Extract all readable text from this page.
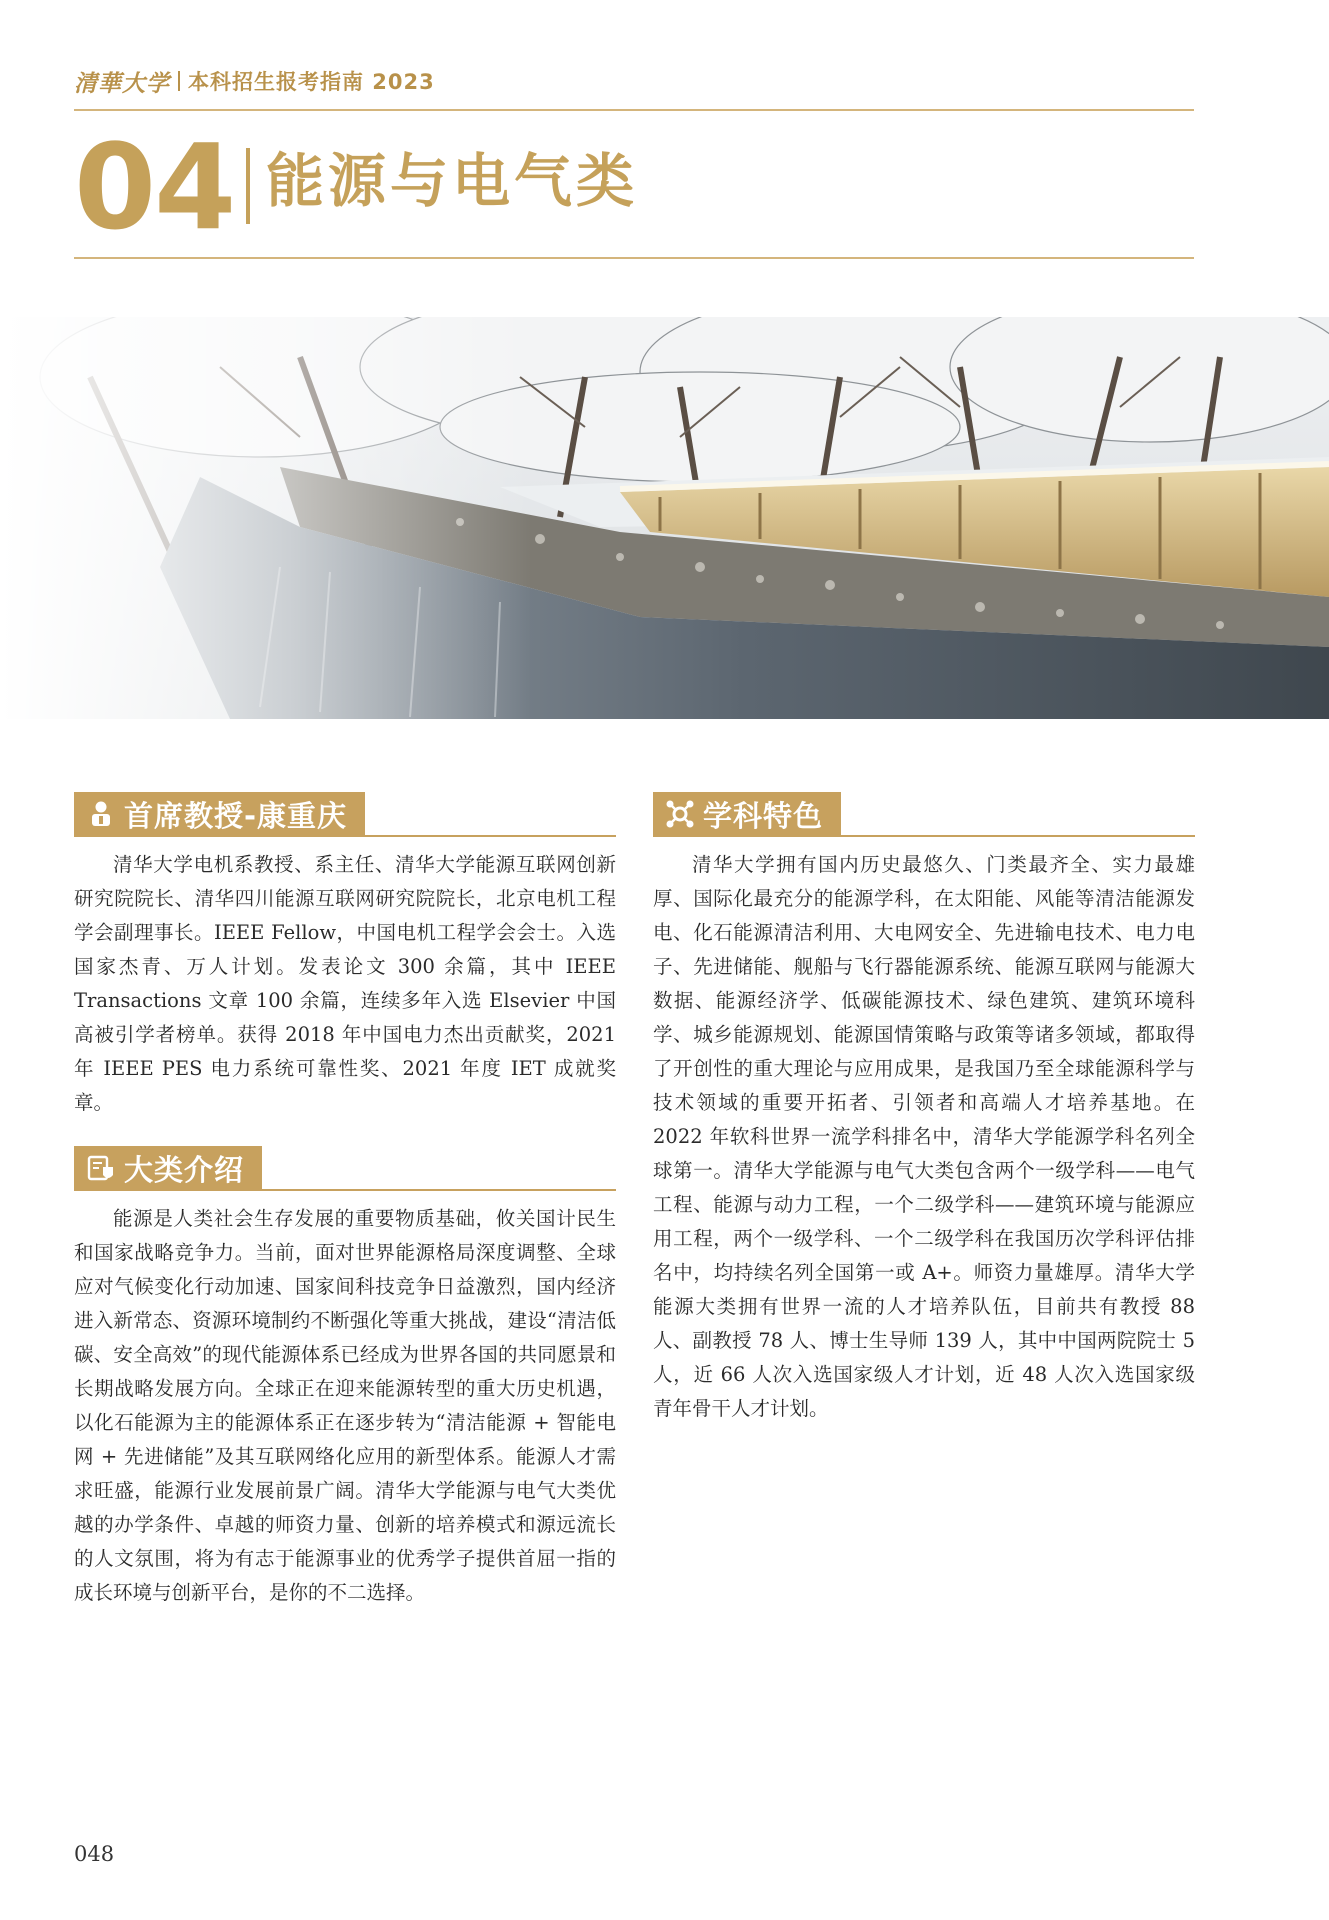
清華大学 本科招生报考指南 2023
04 能源与电气类
首席教授-康重庆

清华大学电机系教授、系主任、清华大学能源互联网创新研究院院长、清华四川能源互联网研究院院长，北京电机工程学会副理事长。IEEE Fellow，中国电机工程学会会士。入选国家杰青、万人计划。发表论文 300 余篇，其中 IEEE Transactions 文章 100 余篇，连续多年入选 Elsevier 中国高被引学者榜单。获得 2018 年中国电力杰出贡献奖，2021 年 IEEE PES 电力系统可靠性奖、2021 年度 IET 成就奖章。

大类介绍

能源是人类社会生存发展的重要物质基础，攸关国计民生和国家战略竞争力。当前，面对世界能源格局深度调整、全球应对气候变化行动加速、国家间科技竞争日益激烈，国内经济进入新常态、资源环境制约不断强化等重大挑战，建设“清洁低碳、安全高效”的现代能源体系已经成为世界各国的共同愿景和长期战略发展方向。全球正在迎来能源转型的重大历史机遇，以化石能源为主的能源体系正在逐步转为“清洁能源 + 智能电网 + 先进储能”及其互联网络化应用的新型体系。能源人才需求旺盛，能源行业发展前景广阔。清华大学能源与电气大类优越的办学条件、卓越的师资力量、创新的培养模式和源远流长的人文氛围，将为有志于能源事业的优秀学子提供首屈一指的成长环境与创新平台，是你的不二选择。

学科特色

清华大学拥有国内历史最悠久、门类最齐全、实力最雄厚、国际化最充分的能源学科，在太阳能、风能等清洁能源发电、化石能源清洁利用、大电网安全、先进输电技术、电力电子、先进储能、舰船与飞行器能源系统、能源互联网与能源大数据、能源经济学、低碳能源技术、绿色建筑、建筑环境科学、城乡能源规划、能源国情策略与政策等诸多领域，都取得了开创性的重大理论与应用成果，是我国乃至全球能源科学与技术领域的重要开拓者、引领者和高端人才培养基地。在 2022 年软科世界一流学科排名中，清华大学能源学科名列全球第一。清华大学能源与电气大类包含两个一级学科——电气工程、能源与动力工程，一个二级学科——建筑环境与能源应用工程，两个一级学科、一个二级学科在我国历次学科评估排名中，均持续名列全国第一或 A+。师资力量雄厚。清华大学能源大类拥有世界一流的人才培养队伍，目前共有教授 88 人、副教授 78 人、博士生导师 139 人，其中中国两院院士 5 人，近 66 人次入选国家级人才计划，近 48 人次入选国家级青年骨干人才计划。

048
